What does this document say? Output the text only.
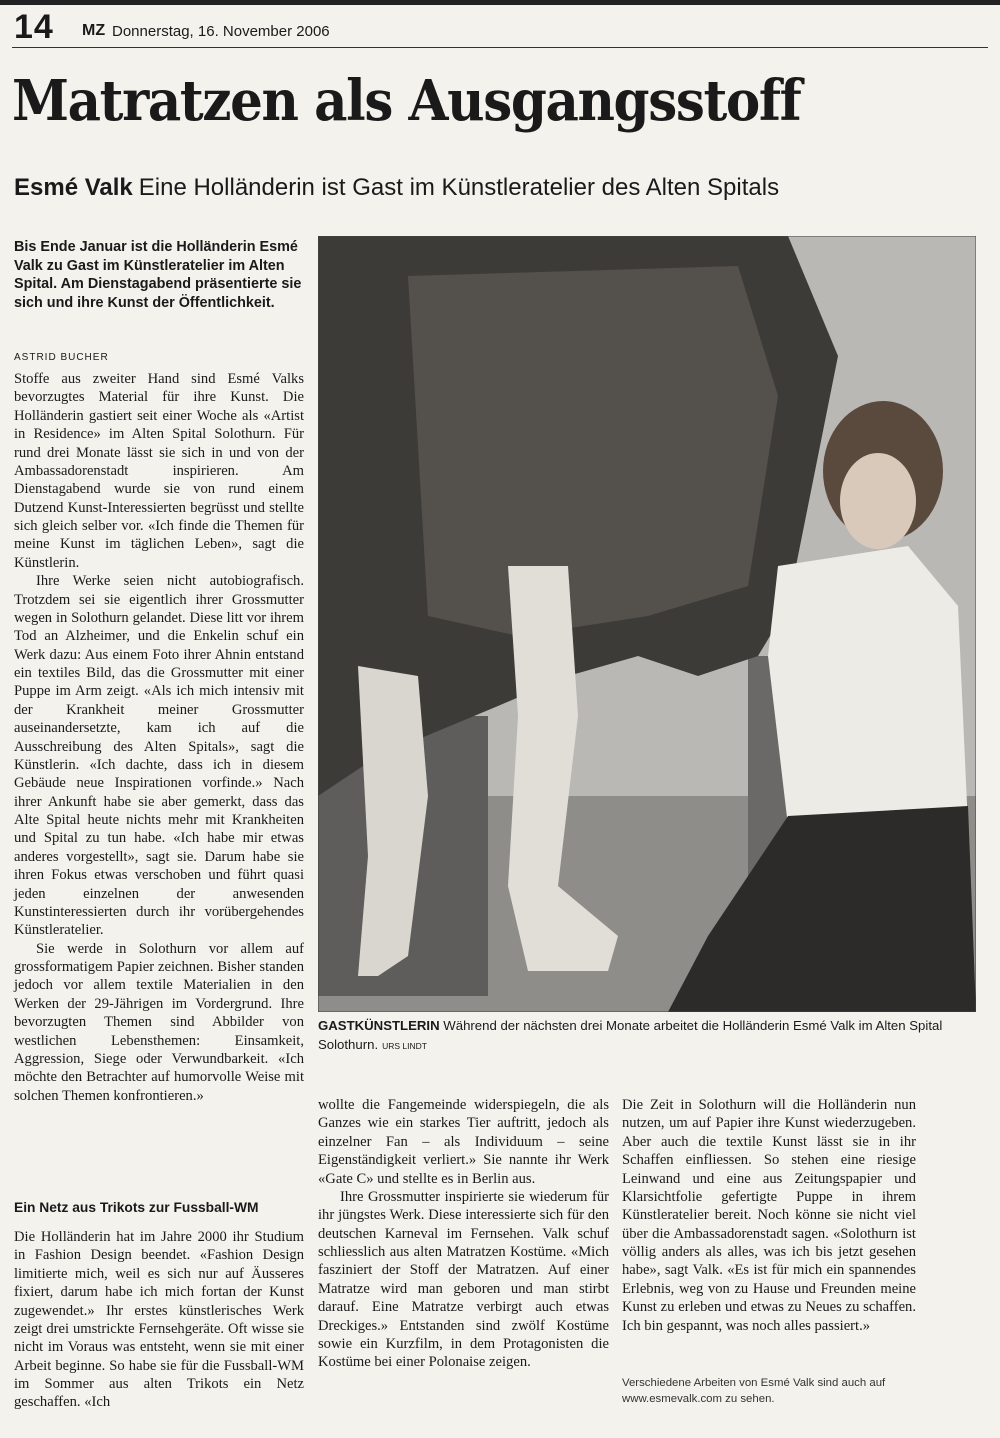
14 MZ Donnerstag, 16. November 2006
Matratzen als Ausgangsstoff
Esmé Valk Eine Holländerin ist Gast im Künstleratelier des Alten Spitals
Bis Ende Januar ist die Holländerin Esmé Valk zu Gast im Künstleratelier im Alten Spital. Am Dienstagabend präsentierte sie sich und ihre Kunst der Öffentlichkeit.
ASTRID BUCHER

Stoffe aus zweiter Hand sind Esmé Valks bevorzugtes Material für ihre Kunst. Die Holländerin gastiert seit einer Woche als «Artist in Residence» im Alten Spital Solothurn. Für rund drei Monate lässt sie sich in und von der Ambassadorenstadt inspirieren. Am Dienstagabend wurde sie von rund einem Dutzend Kunst-Interessierten begrüsst und stellte sich gleich selber vor. «Ich finde die Themen für meine Kunst im täglichen Leben», sagt die Künstlerin.

Ihre Werke seien nicht autobiografisch. Trotzdem sei sie eigentlich ihrer Grossmutter wegen in Solothurn gelandet. Diese litt vor ihrem Tod an Alzheimer, und die Enkelin schuf ein Werk dazu: Aus einem Foto ihrer Ahnin entstand ein textiles Bild, das die Grossmutter mit einer Puppe im Arm zeigt. «Als ich mich intensiv mit der Krankheit meiner Grossmutter auseinandersetzte, kam ich auf die Ausschreibung des Alten Spitals», sagt die Künstlerin. «Ich dachte, dass ich in diesem Gebäude neue Inspirationen vorfinde.» Nach ihrer Ankunft habe sie aber gemerkt, dass das Alte Spital heute nichts mehr mit Krankheiten und Spital zu tun habe. «Ich habe mir etwas anderes vorgestellt», sagt sie. Darum habe sie ihren Fokus etwas verschoben und führt quasi jeden einzelnen der anwesenden Kunstinteressierten durch ihr vorübergehendes Künstleratelier.

Sie werde in Solothurn vor allem auf grossformatigem Papier zeichnen. Bisher standen jedoch vor allem textile Materialien in den Werken der 29-Jährigen im Vordergrund. Ihre bevorzugten Themen sind Abbilder von westlichen Lebensthemen: Einsamkeit, Aggression, Siege oder Verwundbarkeit. «Ich möchte den Betrachter auf humorvolle Weise mit solchen Themen konfrontieren.»

Ein Netz aus Trikots zur Fussball-WM

Die Holländerin hat im Jahre 2000 ihr Studium in Fashion Design beendet. «Fashion Design limitierte mich, weil es sich nur auf Äusseres fixiert, darum habe ich mich fortan der Kunst zugewendet.» Ihr erstes künstlerisches Werk zeigt drei umstrickte Fernsehgeräte. Oft wisse sie nicht im Voraus was entsteht, wenn sie mit einer Arbeit beginne. So habe sie für die Fussball-WM im Sommer aus alten Trikots ein Netz geschaffen. «Ich

GASTKÜNSTLERIN Während der nächsten drei Monate arbeitet die Holländerin Esmé Valk im Alten Spital Solothurn. URS LINDT

wollte die Fangemeinde widerspiegeln, die als Ganzes wie ein starkes Tier auftritt, jedoch als einzelner Fan – als Individuum – seine Eigenständigkeit verliert.» Sie nannte ihr Werk «Gate C» und stellte es in Berlin aus.

Ihre Grossmutter inspirierte sie wiederum für ihr jüngstes Werk. Diese interessierte sich für den deutschen Karneval im Fernsehen. Valk schuf schliesslich aus alten Matratzen Kostüme. «Mich fasziniert der Stoff der Matratzen. Auf einer Matratze wird man geboren und man stirbt darauf. Eine Matratze verbirgt auch etwas Dreckiges.» Entstanden sind zwölf Kostüme sowie ein Kurzfilm, in dem Protagonisten die Kostüme bei einer Polonaise zeigen.

Die Zeit in Solothurn will die Holländerin nun nutzen, um auf Papier ihre Kunst wiederzugeben. Aber auch die textile Kunst lässt sie in ihr Schaffen einfliessen. So stehen eine riesige Leinwand und eine aus Zeitungspapier und Klarsichtfolie gefertigte Puppe in ihrem Künstleratelier bereit. Noch könne sie nicht viel über die Ambassadorenstadt sagen. «Solothurn ist völlig anders als alles, was ich bis jetzt gesehen habe», sagt Valk. «Es ist für mich ein spannendes Erlebnis, weg von zu Hause und Freunden meine Kunst zu erleben und etwas zu Neues zu schaffen. Ich bin gespannt, was noch alles passiert.»

Verschiedene Arbeiten von Esmé Valk sind auch auf www.esmevalk.com zu sehen.
